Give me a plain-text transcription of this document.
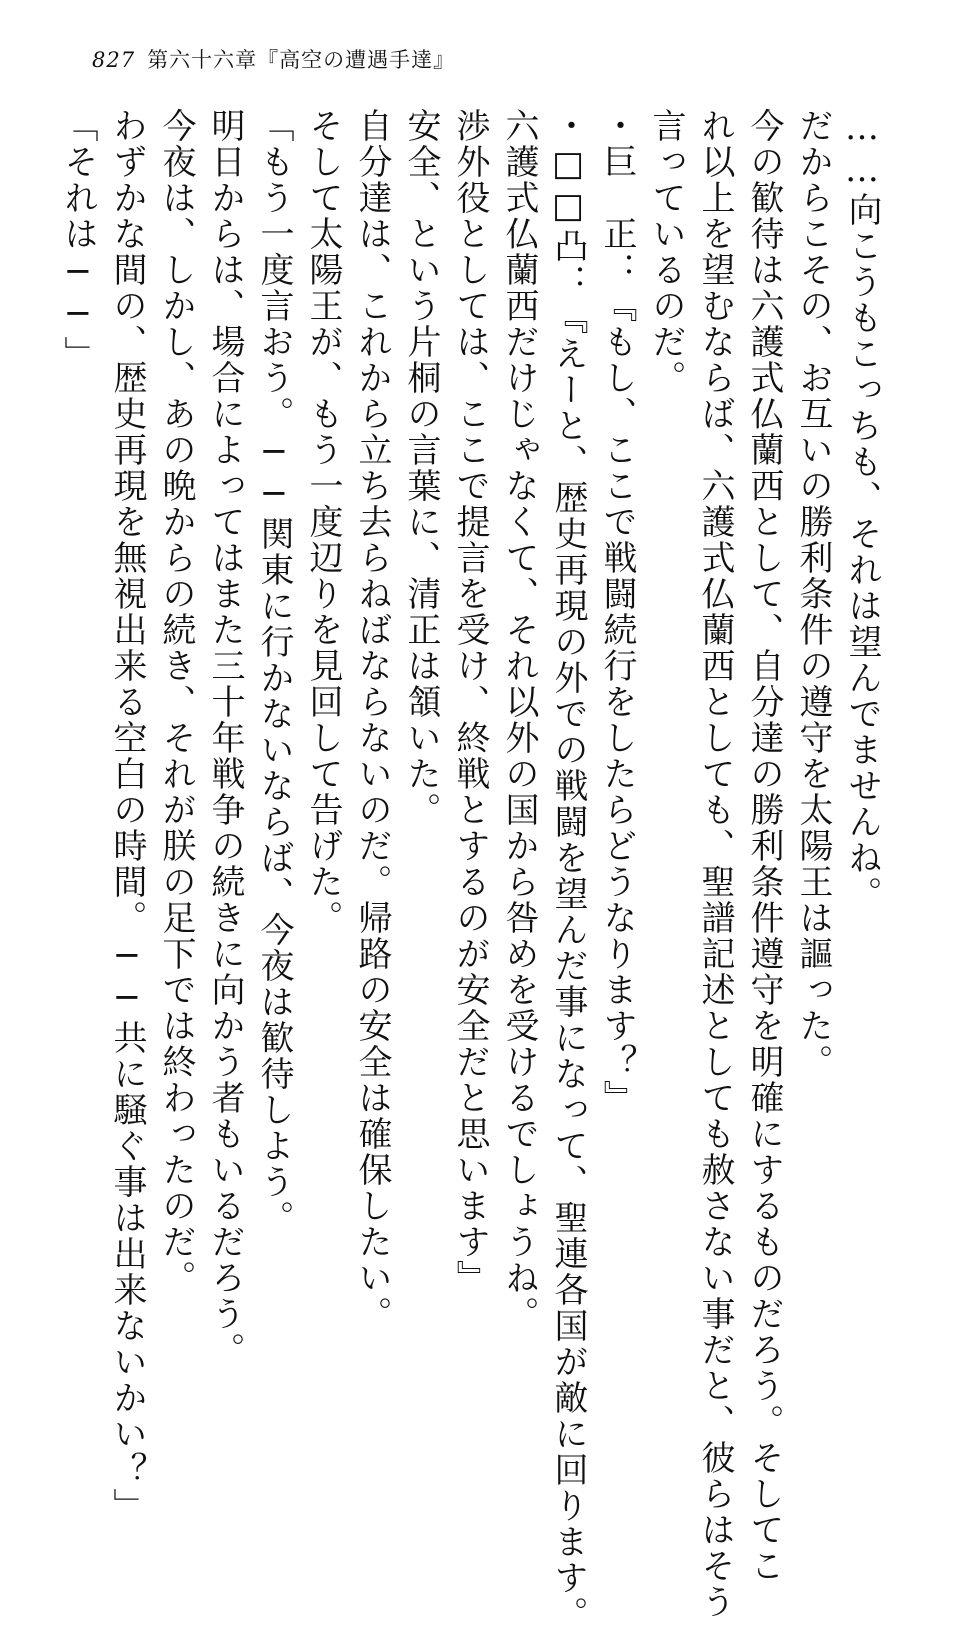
827 第六十六章『高空の遭遇手達』
……向こうもこっちも、それは望んでませんね。
だからこその、お互いの勝利条件の遵守を太陽王は謳った。
今の歓待は六護式仏蘭西として、自分達の勝利条件遵守を明確にするものだろう。そしてこ
れ以上を望むならば、六護式仏蘭西としても、聖譜記述としても赦さない事だと、彼らはそう
言っているのだ。
・巨　正：『もし、ここで戦闘続行をしたらどうなります？』
・□□凸：『えーと、歴史再現の外での戦闘を望んだ事になって、聖連各国が敵に回ります。
六護式仏蘭西だけじゃなくて、それ以外の国から咎めを受けるでしょうね。
渉外役としては、ここで提言を受け、終戦とするのが安全だと思います』
安全、という片桐の言葉に、清正は頷いた。
自分達は、これから立ち去らねばならないのだ。帰路の安全は確保したい。
そして太陽王が、もう一度辺りを見回して告げた。
「もう一度言おう。──関東に行かないならば、今夜は歓待しよう。
明日からは、場合によってはまた三十年戦争の続きに向かう者もいるだろう。
今夜は、しかし、あの晩からの続き、それが朕の足下では終わったのだ。
わずかな間の、歴史再現を無視出来る空白の時間。──共に騒ぐ事は出来ないかい？」
「それは──」
